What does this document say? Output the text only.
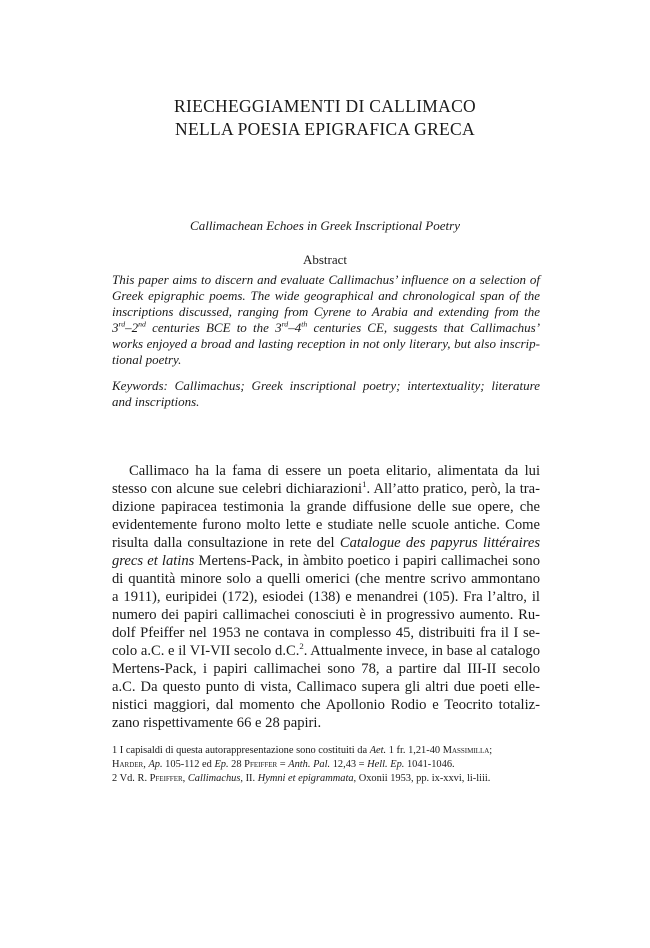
RIECHEGGIAMENTI DI CALLIMACO
NELLA POESIA EPIGRAFICA GRECA
Callimachean Echoes in Greek Inscriptional Poetry
Abstract
This paper aims to discern and evaluate Callimachus’ influence on a selection of
Greek epigraphic poems. The wide geographical and chronological span of the
inscriptions discussed, ranging from Cyrene to Arabia and extending from the
3rd–2nd centuries BCE to the 3rd–4th centuries CE, suggests that Callimachus’
works enjoyed a broad and lasting reception in not only literary, but also inscrip-
tional poetry.
Keywords: Callimachus; Greek inscriptional poetry; intertextuality; literature
and inscriptions.
Callimaco ha la fama di essere un poeta elitario, alimentata da lui
stesso con alcune sue celebri dichiarazioni$^1$. All’atto pratico, però, la tra-
dizione papiracea testimonia la grande diffusione delle sue opere, che
evidentemente furono molto lette e studiate nelle scuole antiche. Come
risulta dalla consultazione in rete del Catalogue des papyrus littéraires
grecs et latins Mertens-Pack, in àmbito poetico i papiri callimachei sono
di quantità minore solo a quelli omerici (che mentre scrivo ammontano
a 1911), euripidei (172), esiodei (138) e menandrei (105). Fra l’altro, il
numero dei papiri callimachei conosciuti è in progressivo aumento. Ru-
dolf Pfeiffer nel 1953 ne contava in complesso 45, distribuiti fra il I se-
colo a.C. e il VI-VII secolo d.C.$^2$. Attualmente invece, in base al catalogo
Mertens-Pack, i papiri callimachei sono 78, a partire dal III-II secolo
a.C. Da questo punto di vista, Callimaco supera gli altri due poeti elle-
nistici maggiori, dal momento che Apollonio Rodio e Teocrito totaliz-
zano rispettivamente 66 e 28 papiri.
1 I capisaldi di questa autorappresentazione sono costituiti da Aet. 1 fr. 1,21-40 Massimilla;
Harder, Ap. 105-112 ed Ep. 28 Pfeiffer = Anth. Pal. 12,43 = Hell. Ep. 1041-1046.
2 Vd. R. Pfeiffer, Callimachus, II. Hymni et epigrammata, Oxonii 1953, pp. ix-xxvi, li-liii.
